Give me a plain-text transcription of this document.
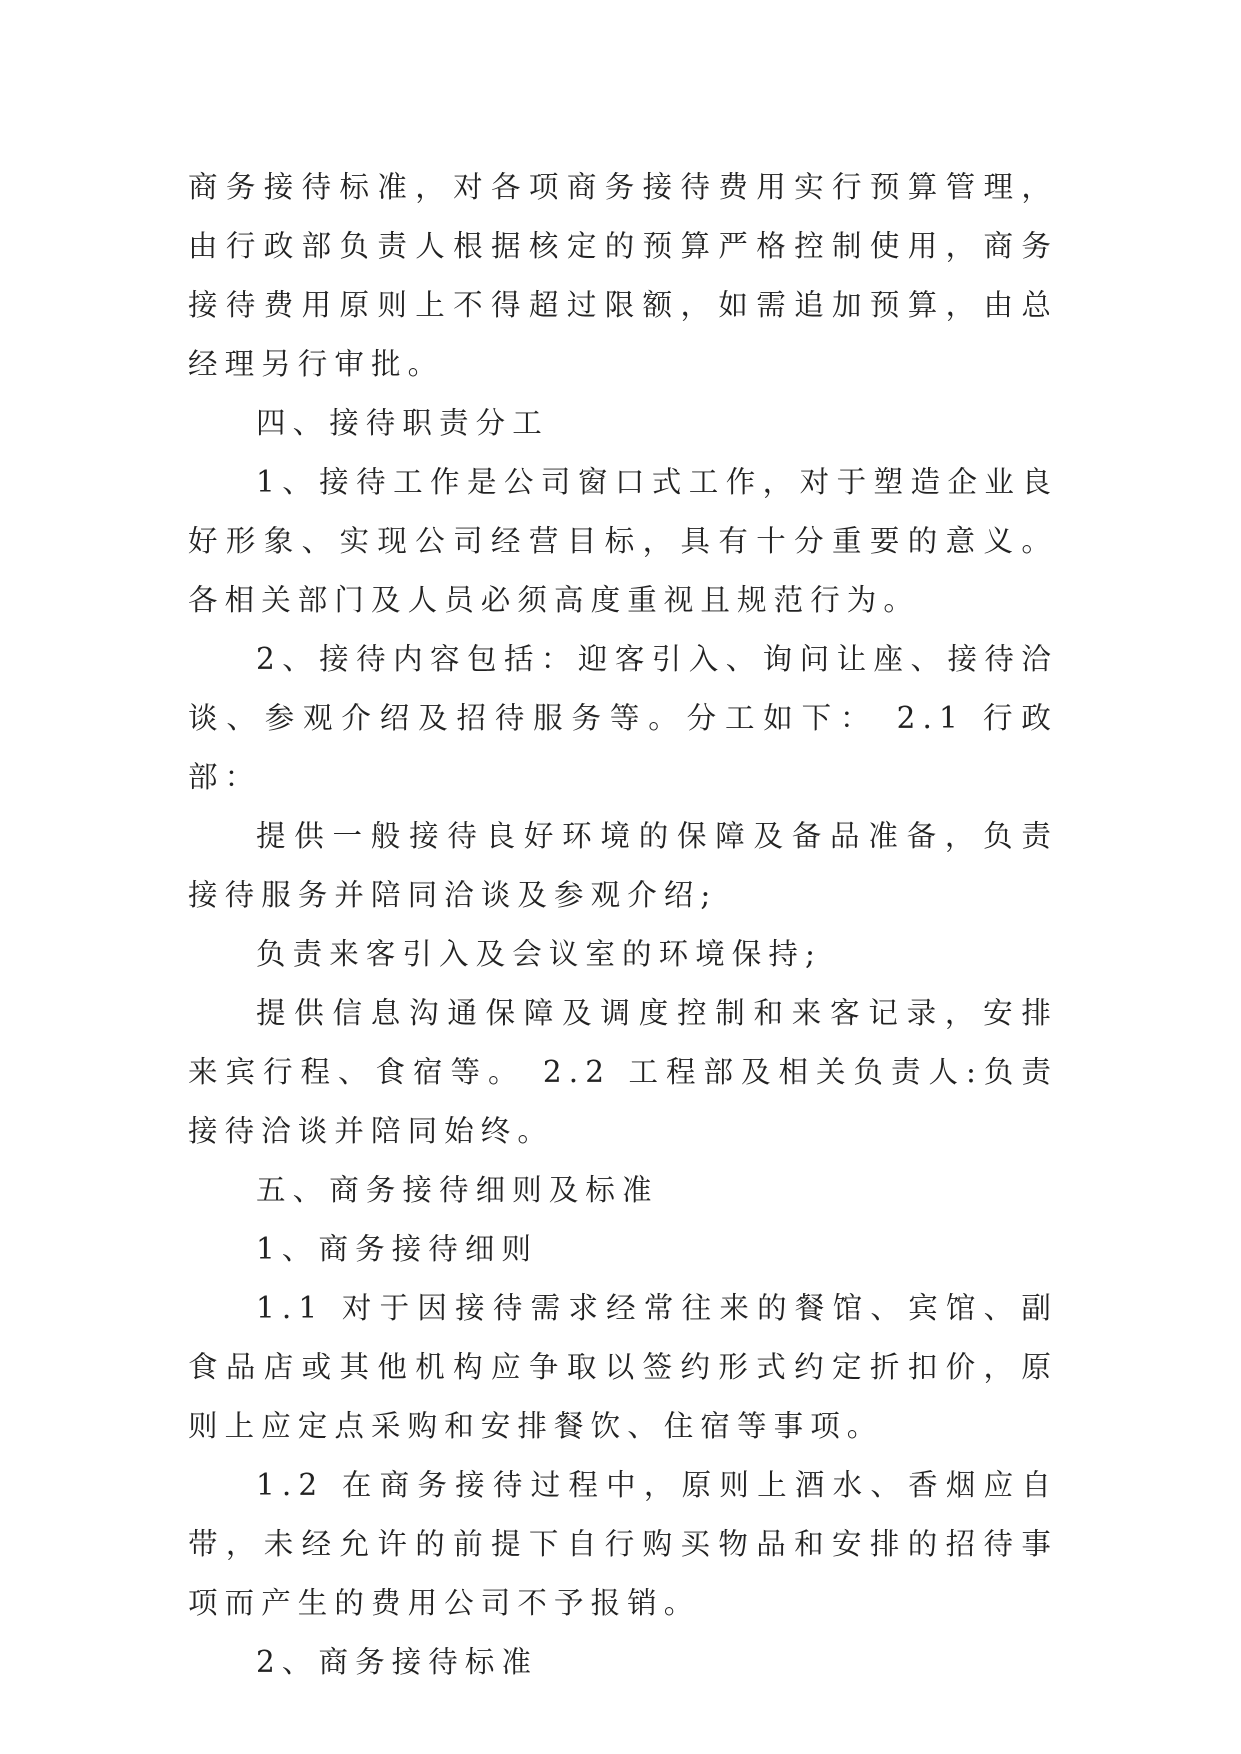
商务接待标准，对各项商务接待费用实行预算管理，由行政部负责人根据核定的预算严格控制使用，商务接待费用原则上不得超过限额，如需追加预算，由总经理另行审批。

四、接待职责分工

1、接待工作是公司窗口式工作，对于塑造企业良好形象、实现公司经营目标，具有十分重要的意义。各相关部门及人员必须高度重视且规范行为。

2、接待内容包括：迎客引入、询问让座、接待洽谈、参观介绍及招待服务等。分工如下： 2.1 行政部：

提供一般接待良好环境的保障及备品准备，负责接待服务并陪同洽谈及参观介绍;

负责来客引入及会议室的环境保持;

提供信息沟通保障及调度控制和来客记录，安排来宾行程、食宿等。 2.2 工程部及相关负责人:负责接待洽谈并陪同始终。

五、商务接待细则及标准

1、商务接待细则

1.1 对于因接待需求经常往来的餐馆、宾馆、副食品店或其他机构应争取以签约形式约定折扣价，原则上应定点采购和安排餐饮、住宿等事项。

1.2 在商务接待过程中，原则上酒水、香烟应自带，未经允许的前提下自行购买物品和安排的招待事项而产生的费用公司不予报销。

2、商务接待标准
